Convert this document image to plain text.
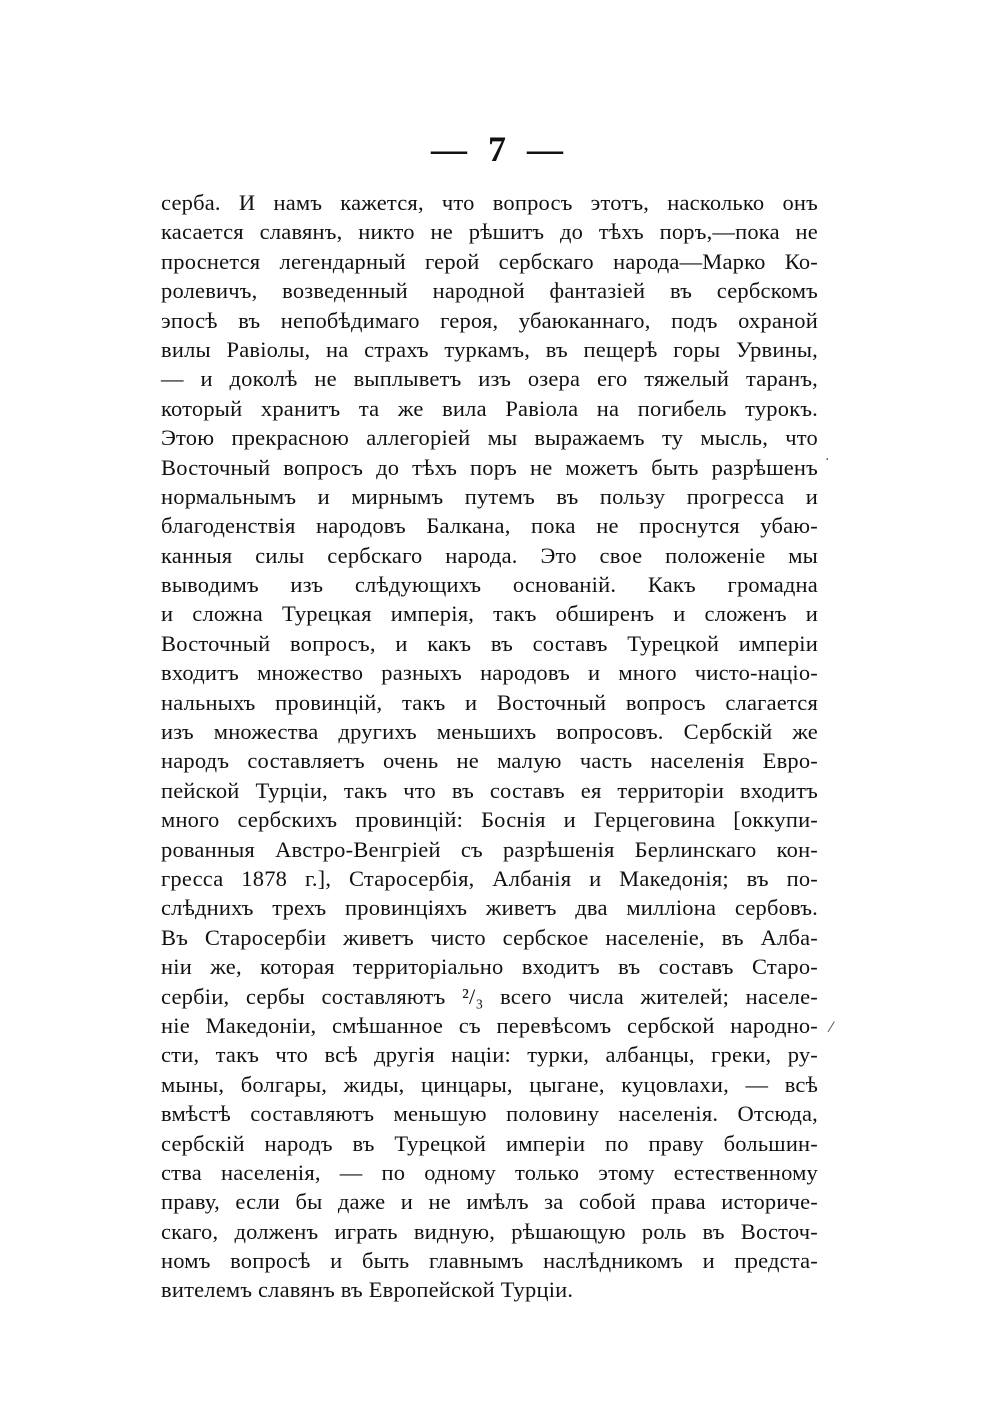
— 7 —
серба. И намъ кажется, что вопросъ этотъ, насколько онъ
касается славянъ, никто не рѣшитъ до тѣхъ поръ,—пока не
проснется легендарный герой сербскаго народа—Марко Ко-
ролевичъ, возведенный народной фантазіей въ сербскомъ
эпосѣ въ непобѣдимаго героя, убаюканнаго, подъ охраной
вилы Равіолы, на страхъ туркамъ, въ пещерѣ горы Урвины,
— и доколѣ не выплыветъ изъ озера его тяжелый таранъ,
который хранитъ та же вила Равіола на погибель турокъ.
Этою прекрасною аллегоріей мы выражаемъ ту мысль, что
Восточный вопросъ до тѣхъ поръ не можетъ быть разрѣшенъ
нормальнымъ и мирнымъ путемъ въ пользу прогресса и
благоденствія народовъ Балкана, пока не проснутся убаю-
канныя силы сербскаго народа. Это свое положеніе мы
выводимъ изъ слѣдующихъ основаній. Какъ громадна
и сложна Турецкая имперія, такъ обширенъ и сложенъ и
Восточный вопросъ, и какъ въ составъ Турецкой имперіи
входитъ множество разныхъ народовъ и много чисто-націо-
нальныхъ провинцій, такъ и Восточный вопросъ слагается
изъ множества другихъ меньшихъ вопросовъ. Сербскій же
народъ составляетъ очень не малую часть населенія Евро-
пейской Турціи, такъ что въ составъ ея территоріи входитъ
много сербскихъ провинцій: Боснія и Герцеговина [оккупи-
рованныя Австро-Венгріей съ разрѣшенія Берлинскаго кон-
гресса 1878 г.], Старосербія, Албанія и Македонія; въ по-
слѣднихъ трехъ провинціяхъ живетъ два милліона сербовъ.
Въ Старосербіи живетъ чисто сербское населеніе, въ Алба-
ніи же, которая территоріально входитъ въ составъ Старо-
сербіи, сербы составляютъ ²/₃ всего числа жителей; населе-
ніе Македоніи, смѣшанное съ перевѣсомъ сербской народно-
сти, такъ что всѣ другія націи: турки, албанцы, греки, ру-
мыны, болгары, жиды, цинцары, цыгане, куцовлахи, — всѣ
вмѣстѣ составляютъ меньшую половину населенія. Отсюда,
сербскій народъ въ Турецкой имперіи по праву большин-
ства населенія, — по одному только этому естественному
праву, если бы даже и не имѣлъ за собой права историче-
скаго, долженъ играть видную, рѣшающую роль въ Восточ-
номъ вопросѣ и быть главнымъ наслѣдникомъ и предста-
вителемъ славянъ въ Европейской Турціи.
·
⁄
